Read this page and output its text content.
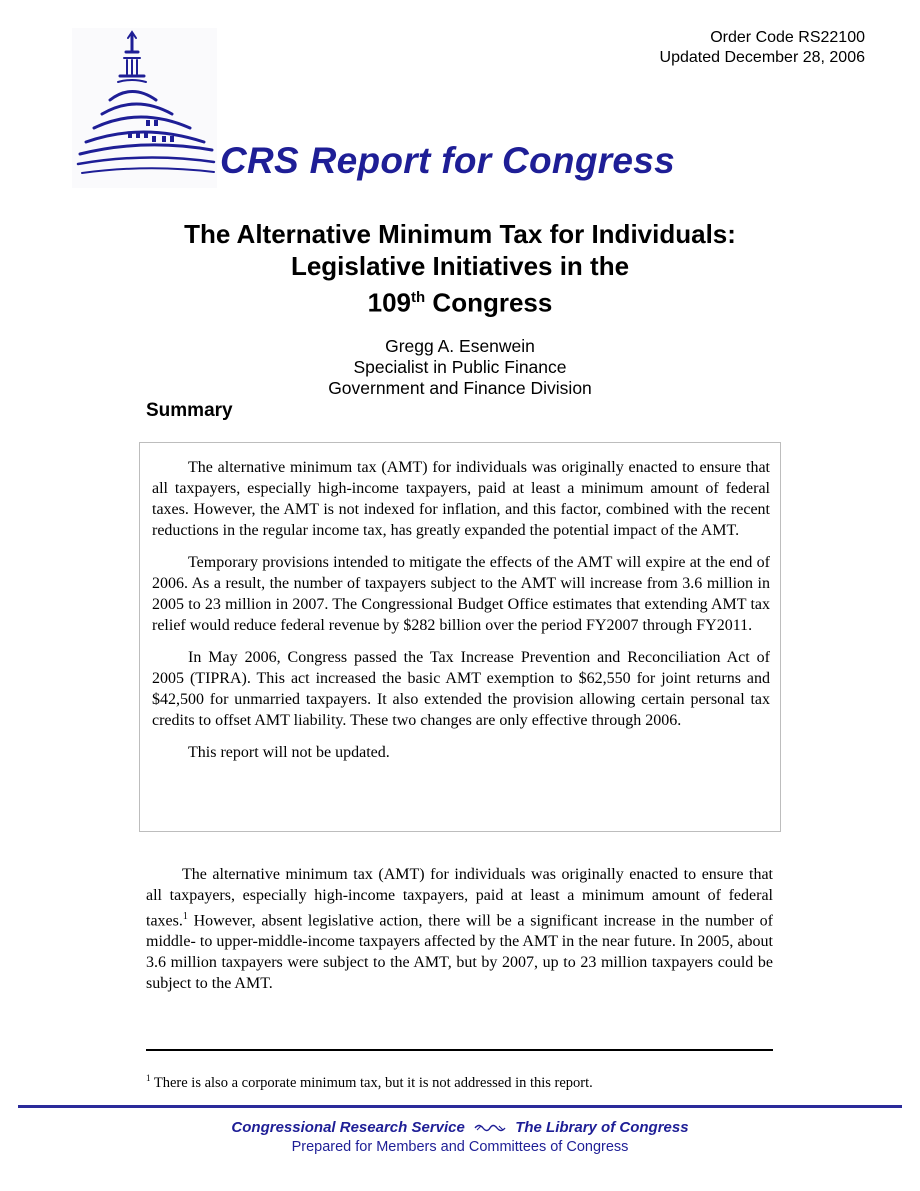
Order Code RS22100
Updated December 28, 2006
CRS Report for Congress
The Alternative Minimum Tax for Individuals:
Legislative Initiatives in the
109th Congress
Gregg A. Esenwein
Specialist in Public Finance
Government and Finance Division
Summary

The alternative minimum tax (AMT) for individuals was originally enacted to ensure that all taxpayers, especially high-income taxpayers, paid at least a minimum amount of federal taxes. However, the AMT is not indexed for inflation, and this factor, combined with the recent reductions in the regular income tax, has greatly expanded the potential impact of the AMT.

Temporary provisions intended to mitigate the effects of the AMT will expire at the end of 2006. As a result, the number of taxpayers subject to the AMT will increase from 3.6 million in 2005 to 23 million in 2007. The Congressional Budget Office estimates that extending AMT tax relief would reduce federal revenue by $282 billion over the period FY2007 through FY2011.

In May 2006, Congress passed the Tax Increase Prevention and Reconciliation Act of 2005 (TIPRA). This act increased the basic AMT exemption to $62,550 for joint returns and $42,500 for unmarried taxpayers. It also extended the provision allowing certain personal tax credits to offset AMT liability. These two changes are only effective through 2006.

This report will not be updated.

The alternative minimum tax (AMT) for individuals was originally enacted to ensure that all taxpayers, especially high-income taxpayers, paid at least a minimum amount of federal taxes.$^1$ However, absent legislative action, there will be a significant increase in the number of middle- to upper-middle-income taxpayers affected by the AMT in the near future. In 2005, about 3.6 million taxpayers were subject to the AMT, but by 2007, up to 23 million taxpayers could be subject to the AMT.

$^1$ There is also a corporate minimum tax, but it is not addressed in this report.
Congressional Research Service	The Library of Congress
Prepared for Members and Committees of Congress
